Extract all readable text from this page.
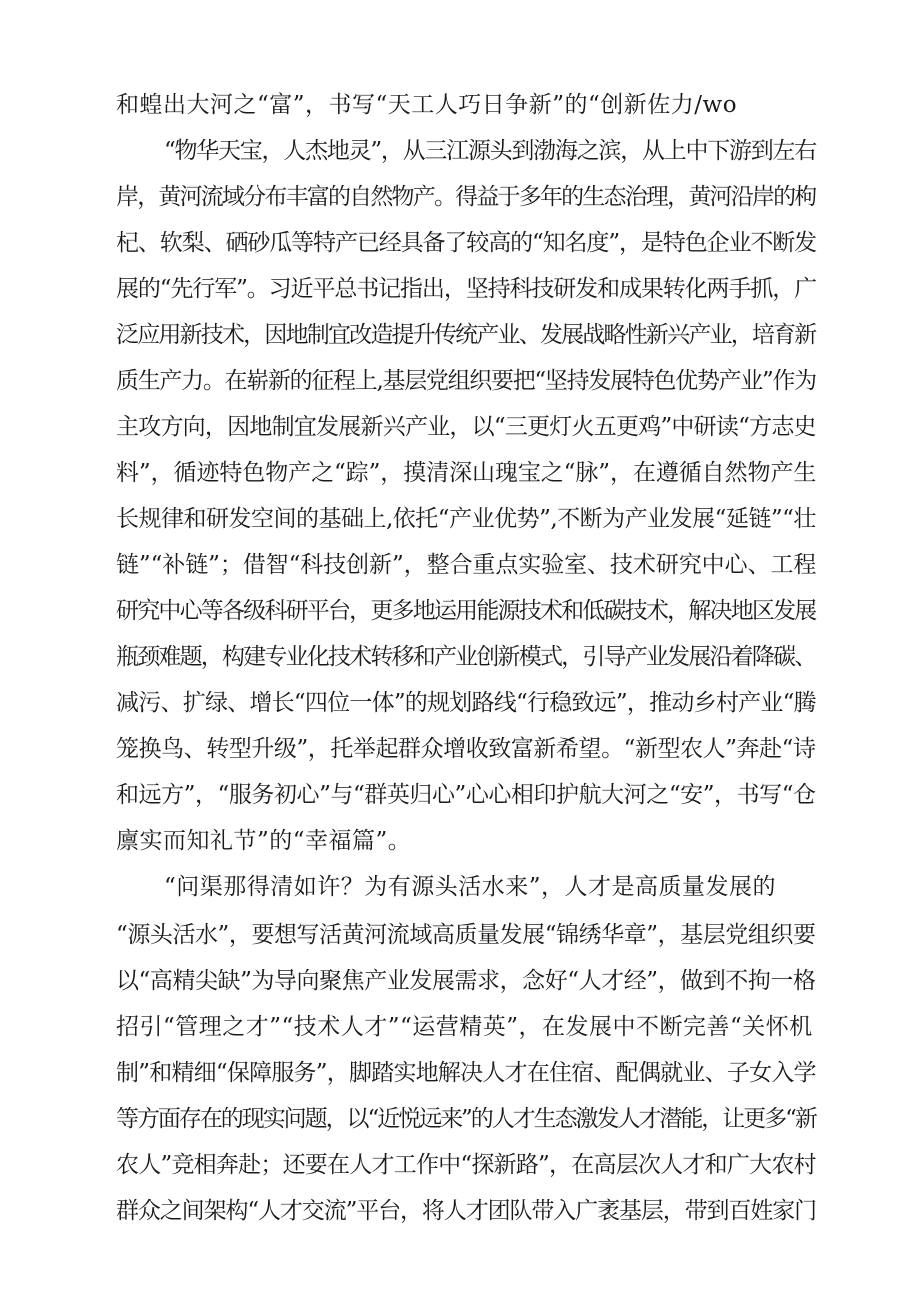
和蝗出大河之“富”，书写“天工人巧日争新”的“创新佐力/wo
“物华天宝，人杰地灵”，从三江源头到渤海之滨，从上中下游到左右
岸，黄河流域分布丰富的自然物产。得益于多年的生态治理，黄河沿岸的枸
杞、软梨、硒砂瓜等特产已经具备了较高的“知名度”，是特色企业不断发
展的“先行军”。习近平总书记指出，坚持科技研发和成果转化两手抓，广
泛应用新技术，因地制宜改造提升传统产业、发展战略性新兴产业，培育新
质生产力。在崭新的征程上,基层党组织要把“坚持发展特色优势产业”作为
主攻方向，因地制宜发展新兴产业，以“三更灯火五更鸡”中研读“方志史
料”，循迹特色物产之“踪”，摸清深山瑰宝之“脉”，在遵循自然物产生
长规律和研发空间的基础上,依托“产业优势”,不断为产业发展“延链”“壮
链”“补链”；借智“科技创新”，整合重点实验室、技术研究中心、工程
研究中心等各级科研平台，更多地运用能源技术和低碳技术，解决地区发展
瓶颈难题，构建专业化技术转移和产业创新模式，引导产业发展沿着降碳、
减污、扩绿、增长“四位一体”的规划路线“行稳致远”，推动乡村产业“腾
笼换鸟、转型升级”，托举起群众增收致富新希望。“新型农人”奔赴“诗
和远方”，“服务初心”与“群英归心”心心相印护航大河之“安”，书写“仓
廪实而知礼节”的“幸福篇”。
“问渠那得清如许？为有源头活水来”，人才是高质量发展的
“源头活水”，要想写活黄河流域高质量发展“锦绣华章”，基层党组织要
以“高精尖缺”为导向聚焦产业发展需求，念好“人才经”，做到不拘一格
招引“管理之才”“技术人才”“运营精英”，在发展中不断完善“关怀机
制”和精细“保障服务”，脚踏实地解决人才在住宿、配偶就业、子女入学
等方面存在的现实问题，以“近悦远来”的人才生态激发人才潜能，让更多“新
农人”竞相奔赴；还要在人才工作中“探新路”，在高层次人才和广大农村
群众之间架构“人才交流”平台，将人才团队带入广袤基层，带到百姓家门
